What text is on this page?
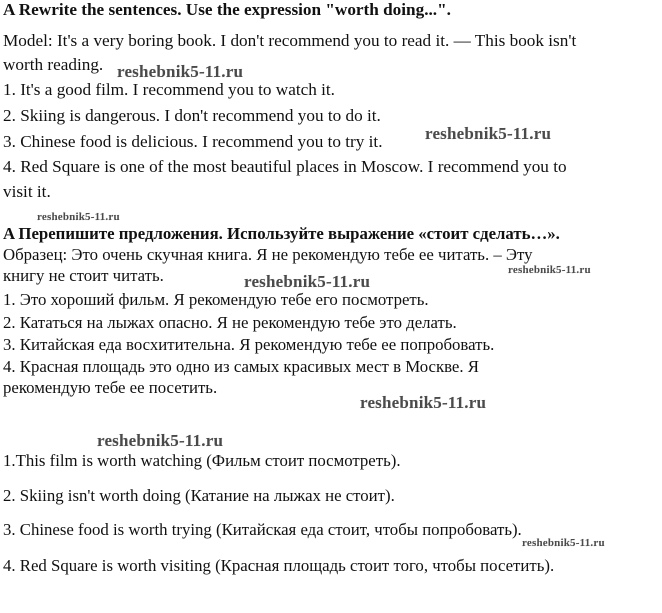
A Rewrite the sentences. Use the expression "worth doing...".
Model: It's a very boring book. I don't recommend you to read it. — This book isn't
worth reading.
1. It's a good film. I recommend you to watch it.
2. Skiing is dangerous. I don't recommend you to do it.
3. Chinese food is delicious. I recommend you to try it.
4. Red Square is one of the most beautiful places in Moscow. I recommend you to
visit it.
A Перепишите предложения. Используйте выражение «стоит сделать…».
Образец: Это очень скучная книга. Я не рекомендую тебе ее читать. – Эту
книгу не стоит читать.
1. Это хороший фильм. Я рекомендую тебе его посмотреть.
2. Кататься на лыжах опасно. Я не рекомендую тебе это делать.
3. Китайская еда восхитительна. Я рекомендую тебе ее попробовать.
4. Красная площадь это одно из самых красивых мест в Москве. Я
рекомендую тебе ее посетить.
1.This film is worth watching (Фильм стоит посмотреть).
2. Skiing isn't worth doing (Катание на лыжах не стоит).
3. Chinese food is worth trying (Китайская еда стоит, чтобы попробовать).
4. Red Square is worth visiting (Красная площадь стоит того, чтобы посетить).
reshebnik5-11.ru
reshebnik5-11.ru
reshebnik5-11.ru
reshebnik5-11.ru
reshebnik5-11.ru
reshebnik5-11.ru
reshebnik5-11.ru
reshebnik5-11.ru
